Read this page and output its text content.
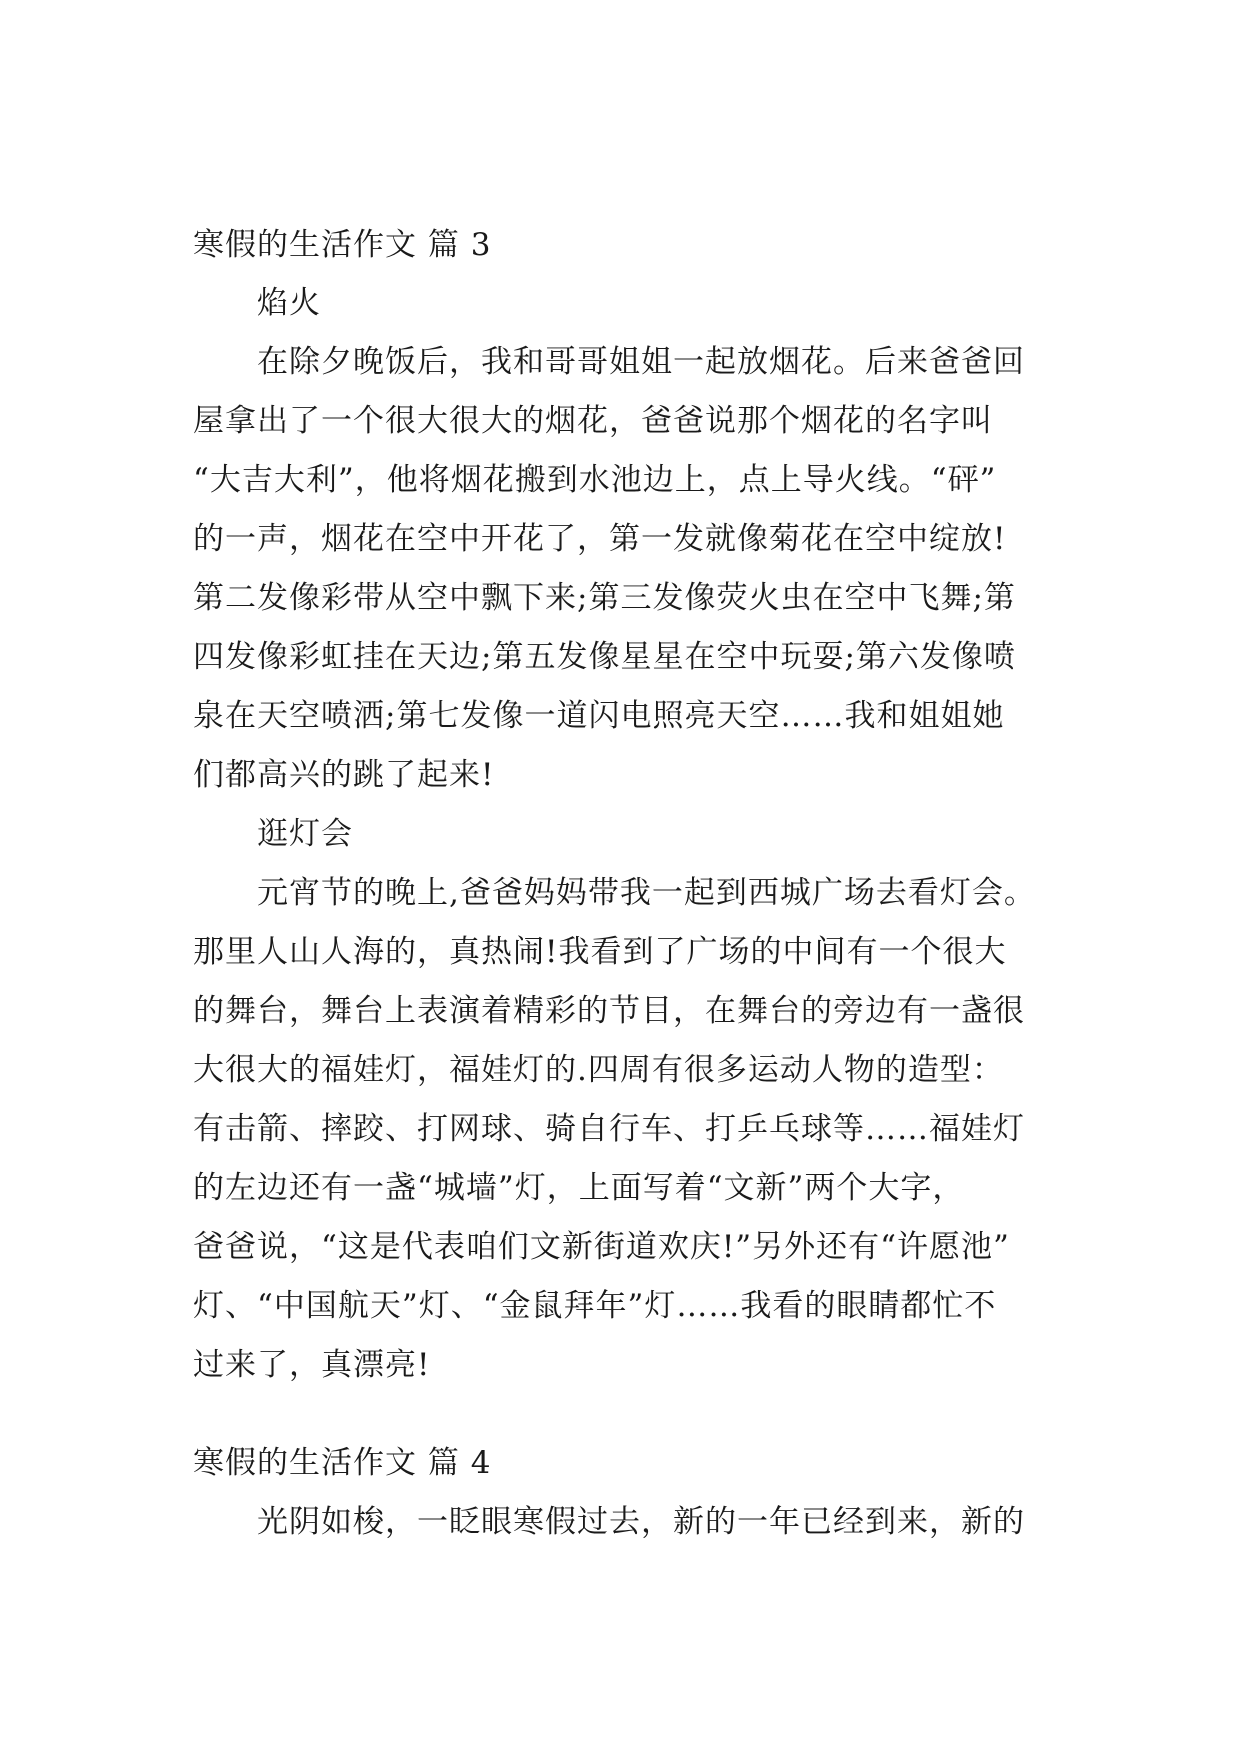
寒假的生活作文 篇 3
焰火
在除夕晚饭后，我和哥哥姐姐一起放烟花。后来爸爸回
屋拿出了一个很大很大的烟花，爸爸说那个烟花的名字叫
“大吉大利”，他将烟花搬到水池边上，点上导火线。“砰”
的一声，烟花在空中开花了，第一发就像菊花在空中绽放!
第二发像彩带从空中飘下来;第三发像荧火虫在空中飞舞;第
四发像彩虹挂在天边;第五发像星星在空中玩耍;第六发像喷
泉在天空喷洒;第七发像一道闪电照亮天空……我和姐姐她
们都高兴的跳了起来!
逛灯会
元宵节的晚上,爸爸妈妈带我一起到西城广场去看灯会。
那里人山人海的，真热闹!我看到了广场的中间有一个很大
的舞台，舞台上表演着精彩的节目，在舞台的旁边有一盏很
大很大的福娃灯，福娃灯的.四周有很多运动人物的造型：
有击箭、摔跤、打网球、骑自行车、打乒乓球等……福娃灯
的左边还有一盏“城墙”灯，上面写着“文新”两个大字，
爸爸说，“这是代表咱们文新街道欢庆!”另外还有“许愿池”
灯、“中国航天”灯、“金鼠拜年”灯……我看的眼睛都忙不
过来了，真漂亮!
寒假的生活作文 篇 4
光阴如梭，一眨眼寒假过去，新的一年已经到来，新的
